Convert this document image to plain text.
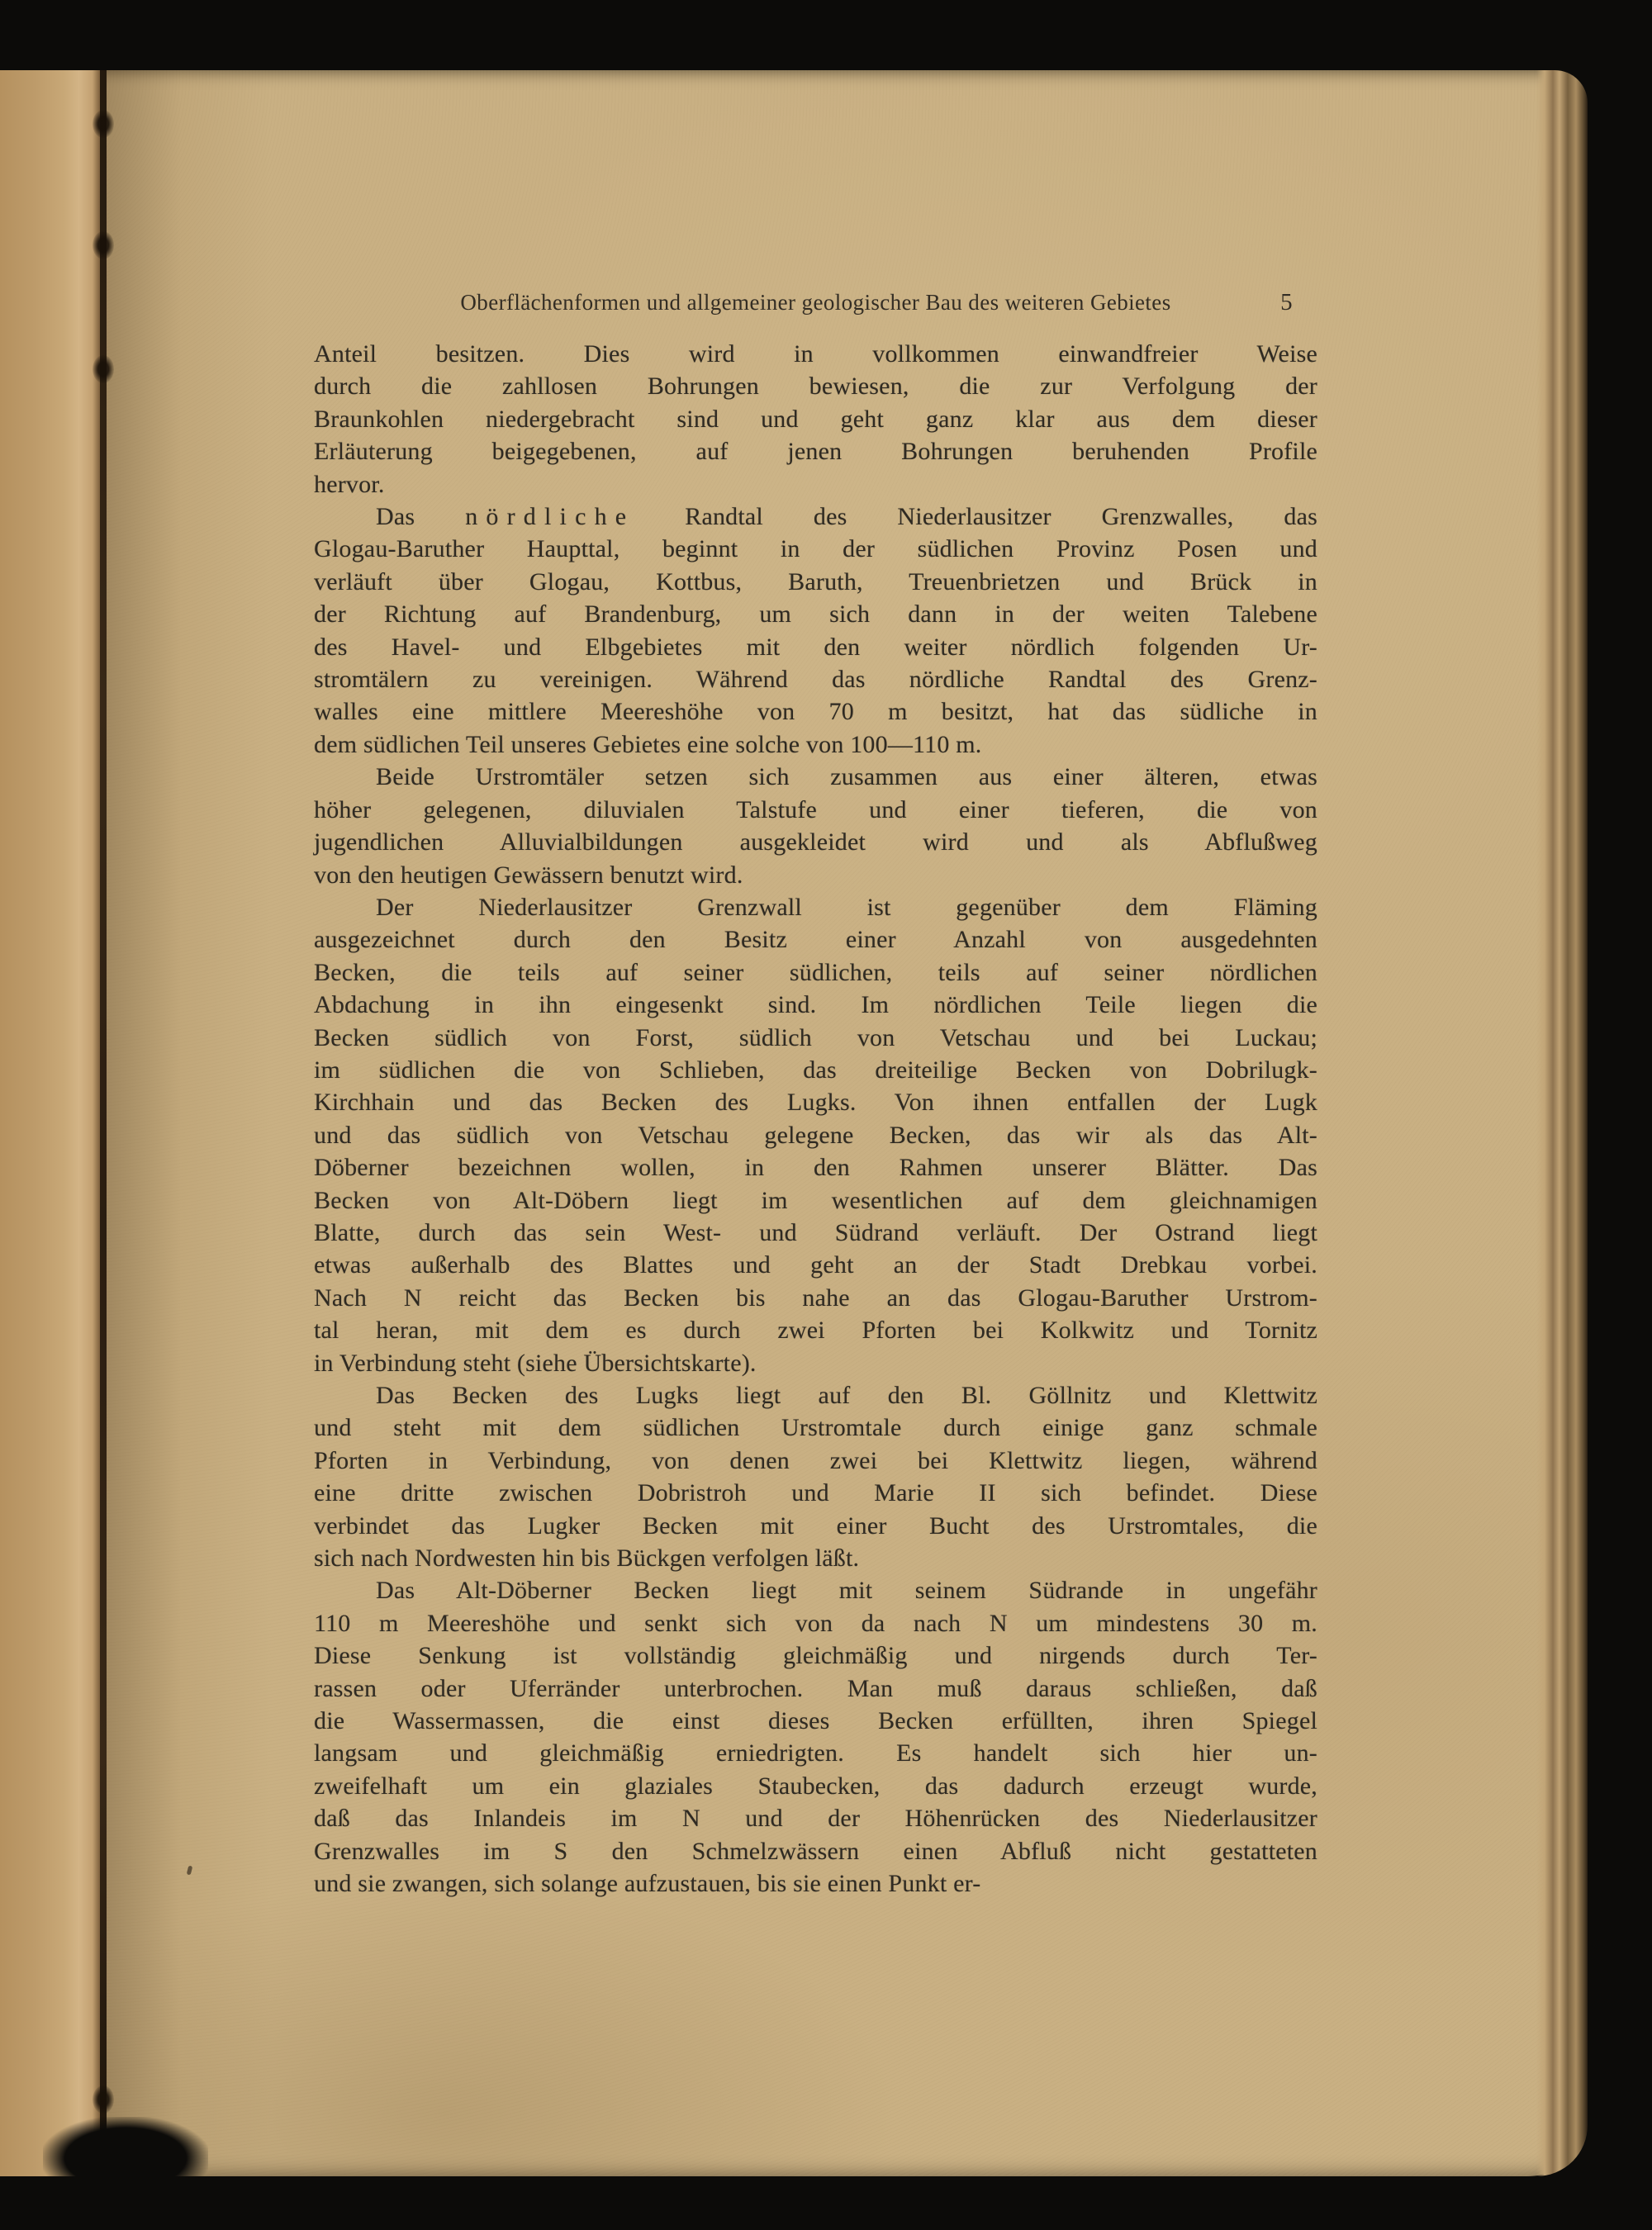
Oberflächenformen und allgemeiner geologischer Bau des weiteren Gebietes	5
Anteil besitzen. Dies wird in vollkommen einwandfreier Weise
durch die zahllosen Bohrungen bewiesen, die zur Verfolgung der
Braunkohlen niedergebracht sind und geht ganz klar aus dem dieser
Erläuterung beigegebenen, auf jenen Bohrungen beruhenden Profile
hervor.
Das nördliche Randtal des Niederlausitzer Grenzwalles, das
Glogau-Baruther Haupttal, beginnt in der südlichen Provinz Posen und
verläuft über Glogau, Kottbus, Baruth, Treuenbrietzen und Brück in
der Richtung auf Brandenburg, um sich dann in der weiten Talebene
des Havel- und Elbgebietes mit den weiter nördlich folgenden Ur-
stromtälern zu vereinigen. Während das nördliche Randtal des Grenz-
walles eine mittlere Meereshöhe von 70 m besitzt, hat das südliche in
dem südlichen Teil unseres Gebietes eine solche von 100—110 m.
Beide Urstromtäler setzen sich zusammen aus einer älteren, etwas
höher gelegenen, diluvialen Talstufe und einer tieferen, die von
jugendlichen Alluvialbildungen ausgekleidet wird und als Abflußweg
von den heutigen Gewässern benutzt wird.
Der Niederlausitzer Grenzwall ist gegenüber dem Fläming
ausgezeichnet durch den Besitz einer Anzahl von ausgedehnten
Becken, die teils auf seiner südlichen, teils auf seiner nördlichen
Abdachung in ihn eingesenkt sind. Im nördlichen Teile liegen die
Becken südlich von Forst, südlich von Vetschau und bei Luckau;
im südlichen die von Schlieben, das dreiteilige Becken von Dobrilugk-
Kirchhain und das Becken des Lugks. Von ihnen entfallen der Lugk
und das südlich von Vetschau gelegene Becken, das wir als das Alt-
Döberner bezeichnen wollen, in den Rahmen unserer Blätter. Das
Becken von Alt-Döbern liegt im wesentlichen auf dem gleichnamigen
Blatte, durch das sein West- und Südrand verläuft. Der Ostrand liegt
etwas außerhalb des Blattes und geht an der Stadt Drebkau vorbei.
Nach N reicht das Becken bis nahe an das Glogau-Baruther Urstrom-
tal heran, mit dem es durch zwei Pforten bei Kolkwitz und Tornitz
in Verbindung steht (siehe Übersichtskarte).
Das Becken des Lugks liegt auf den Bl. Göllnitz und Klettwitz
und steht mit dem südlichen Urstromtale durch einige ganz schmale
Pforten in Verbindung, von denen zwei bei Klettwitz liegen, während
eine dritte zwischen Dobristroh und Marie II sich befindet. Diese
verbindet das Lugker Becken mit einer Bucht des Urstromtales, die
sich nach Nordwesten hin bis Bückgen verfolgen läßt.
Das Alt-Döberner Becken liegt mit seinem Südrande in ungefähr
110 m Meereshöhe und senkt sich von da nach N um mindestens 30 m.
Diese Senkung ist vollständig gleichmäßig und nirgends durch Ter-
rassen oder Uferränder unterbrochen. Man muß daraus schließen, daß
die Wassermassen, die einst dieses Becken erfüllten, ihren Spiegel
langsam und gleichmäßig erniedrigten. Es handelt sich hier un-
zweifelhaft um ein glaziales Staubecken, das dadurch erzeugt wurde,
daß das Inlandeis im N und der Höhenrücken des Niederlausitzer
Grenzwalles im S den Schmelzwässern einen Abfluß nicht gestatteten
und sie zwangen, sich solange aufzustauen, bis sie einen Punkt er-
